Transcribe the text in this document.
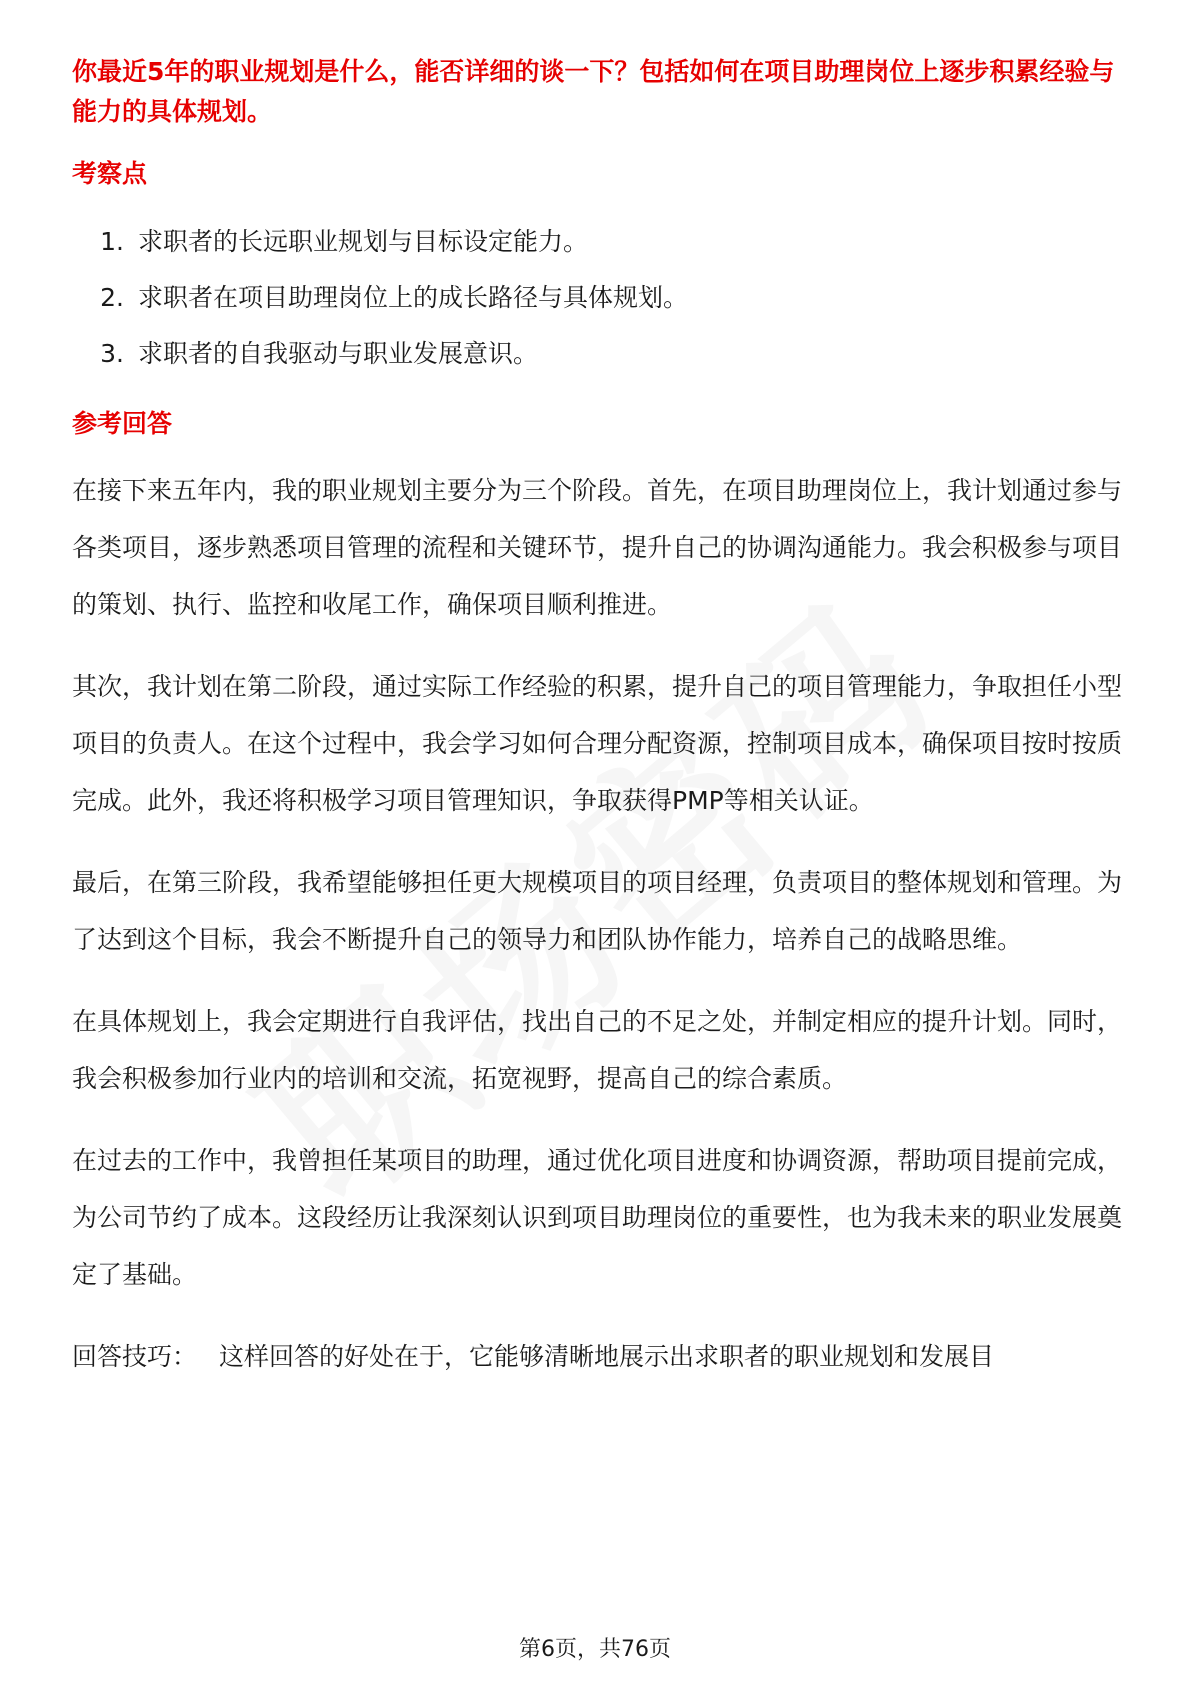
你最近5年的职业规划是什么，能否详细的谈一下？包括如何在项目助理岗位上逐步积累经验与能力的具体规划。

考察点
1. 求职者的长远职业规划与目标设定能力。
2. 求职者在项目助理岗位上的成长路径与具体规划。
3. 求职者的自我驱动与职业发展意识。
参考回答

在接下来五年内，我的职业规划主要分为三个阶段。首先，在项目助理岗位上，我计划通过参与各类项目，逐步熟悉项目管理的流程和关键环节，提升自己的协调沟通能力。我会积极参与项目的策划、执行、监控和收尾工作，确保项目顺利推进。

其次，我计划在第二阶段，通过实际工作经验的积累，提升自己的项目管理能力，争取担任小型项目的负责人。在这个过程中，我会学习如何合理分配资源，控制项目成本，确保项目按时按质完成。此外，我还将积极学习项目管理知识，争取获得PMP等相关认证。

最后，在第三阶段，我希望能够担任更大规模项目的项目经理，负责项目的整体规划和管理。为了达到这个目标，我会不断提升自己的领导力和团队协作能力，培养自己的战略思维。

在具体规划上，我会定期进行自我评估，找出自己的不足之处，并制定相应的提升计划。同时，我会积极参加行业内的培训和交流，拓宽视野，提高自己的综合素质。

在过去的工作中，我曾担任某项目的助理，通过优化项目进度和协调资源，帮助项目提前完成，为公司节约了成本。这段经历让我深刻认识到项目助理岗位的重要性，也为我未来的职业发展奠定了基础。

回答技巧： 这样回答的好处在于，它能够清晰地展示出求职者的职业规划和发展目

第6页，共76页
